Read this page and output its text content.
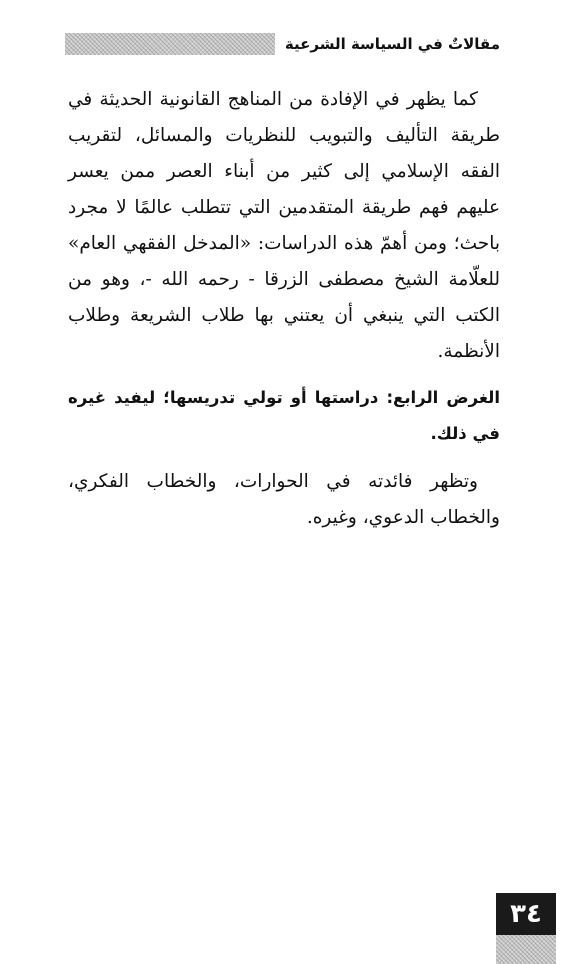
مقالاتٌ في السياسة الشرعية

كما يظهر في الإفادة من المناهج القانونية الحديثة في طريقة التأليف والتبويب للنظريات والمسائل، لتقريب الفقه الإسلامي إلى كثير من أبناء العصر ممن يعسر عليهم فهم طريقة المتقدمين التي تتطلب عالمًا لا مجرد باحث؛ ومن أهمّ هذه الدراسات: «المدخل الفقهي العام» للعلّامة الشيخ مصطفى الزرقا - رحمه الله -، وهو من الكتب التي ينبغي أن يعتني بها طلاب الشريعة وطلاب الأنظمة.

الغرض الرابع: دراستها أو تولي تدريسها؛ ليفيد غيره في ذلك.

وتظهر فائدته في الحوارات، والخطاب الفكري، والخطاب الدعوي، وغيره.

٣٤
